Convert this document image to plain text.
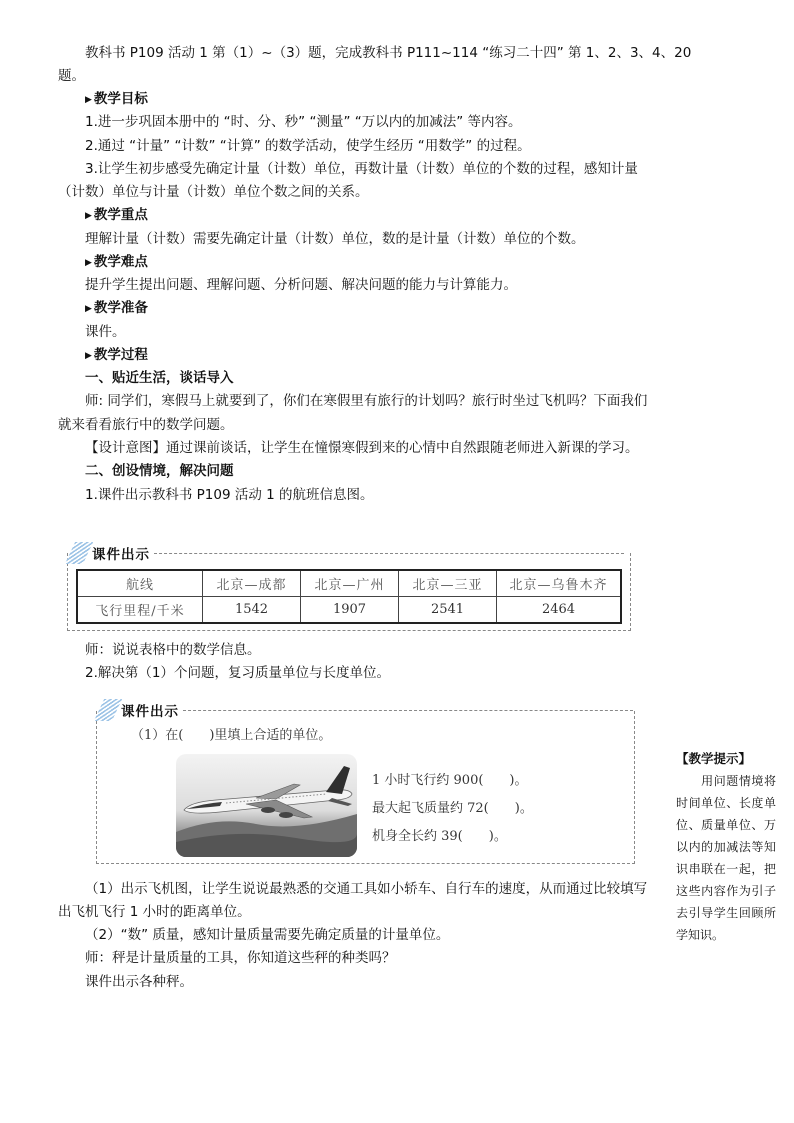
教科书 P109 活动 1 第（1）~（3）题，完成教科书 P111~114 “练习二十四” 第 1、2、3、4、20
题。
▶ 教学目标
1.进一步巩固本册中的 “时、分、秒” “测量” “万以内的加减法” 等内容。
2.通过 “计量” “计数” “计算” 的数学活动，使学生经历 “用数学” 的过程。
3.让学生初步感受先确定计量（计数）单位，再数计量（计数）单位的个数的过程，感知计量
（计数）单位与计量（计数）单位个数之间的关系。
▶ 教学重点
理解计量（计数）需要先确定计量（计数）单位，数的是计量（计数）单位的个数。
▶ 教学难点
提升学生提出问题、理解问题、分析问题、解决问题的能力与计算能力。
▶ 教学准备
课件。
▶ 教学过程
一、贴近生活，谈话导入
师: 同学们，寒假马上就要到了，你们在寒假里有旅行的计划吗？旅行时坐过飞机吗？下面我们
就来看看旅行中的数学问题。
【设计意图】通过课前谈话，让学生在憧憬寒假到来的心情中自然跟随老师进入新课的学习。
二、创设情境，解决问题
1.课件出示教科书 P109 活动 1 的航班信息图。
课件出示
航线	北京—成都	北京—广州	北京—三亚	北京—乌鲁木齐
飞行里程/千米	1542	1907	2541	2464
师：说说表格中的数学信息。
2.解决第（1）个问题，复习质量单位与长度单位。
课件出示
（1）在(　　)里填上合适的单位。
1 小时飞行约 900(　　)。
最大起飞质量约 72(　　)。
机身全长约 39(　　)。
【教学提示】
　　用问题情境将时间单位、长度单位、质量单位、万以内的加减法等知识串联在一起，把这些内容作为引子去引导学生回顾所学知识。
（1）出示飞机图，让学生说说最熟悉的交通工具如小轿车、自行车的速度，从而通过比较填写
出飞机飞行 1 小时的距离单位。
（2）“数” 质量，感知计量质量需要先确定质量的计量单位。
师：秤是计量质量的工具，你知道这些秤的种类吗？
课件出示各种秤。
